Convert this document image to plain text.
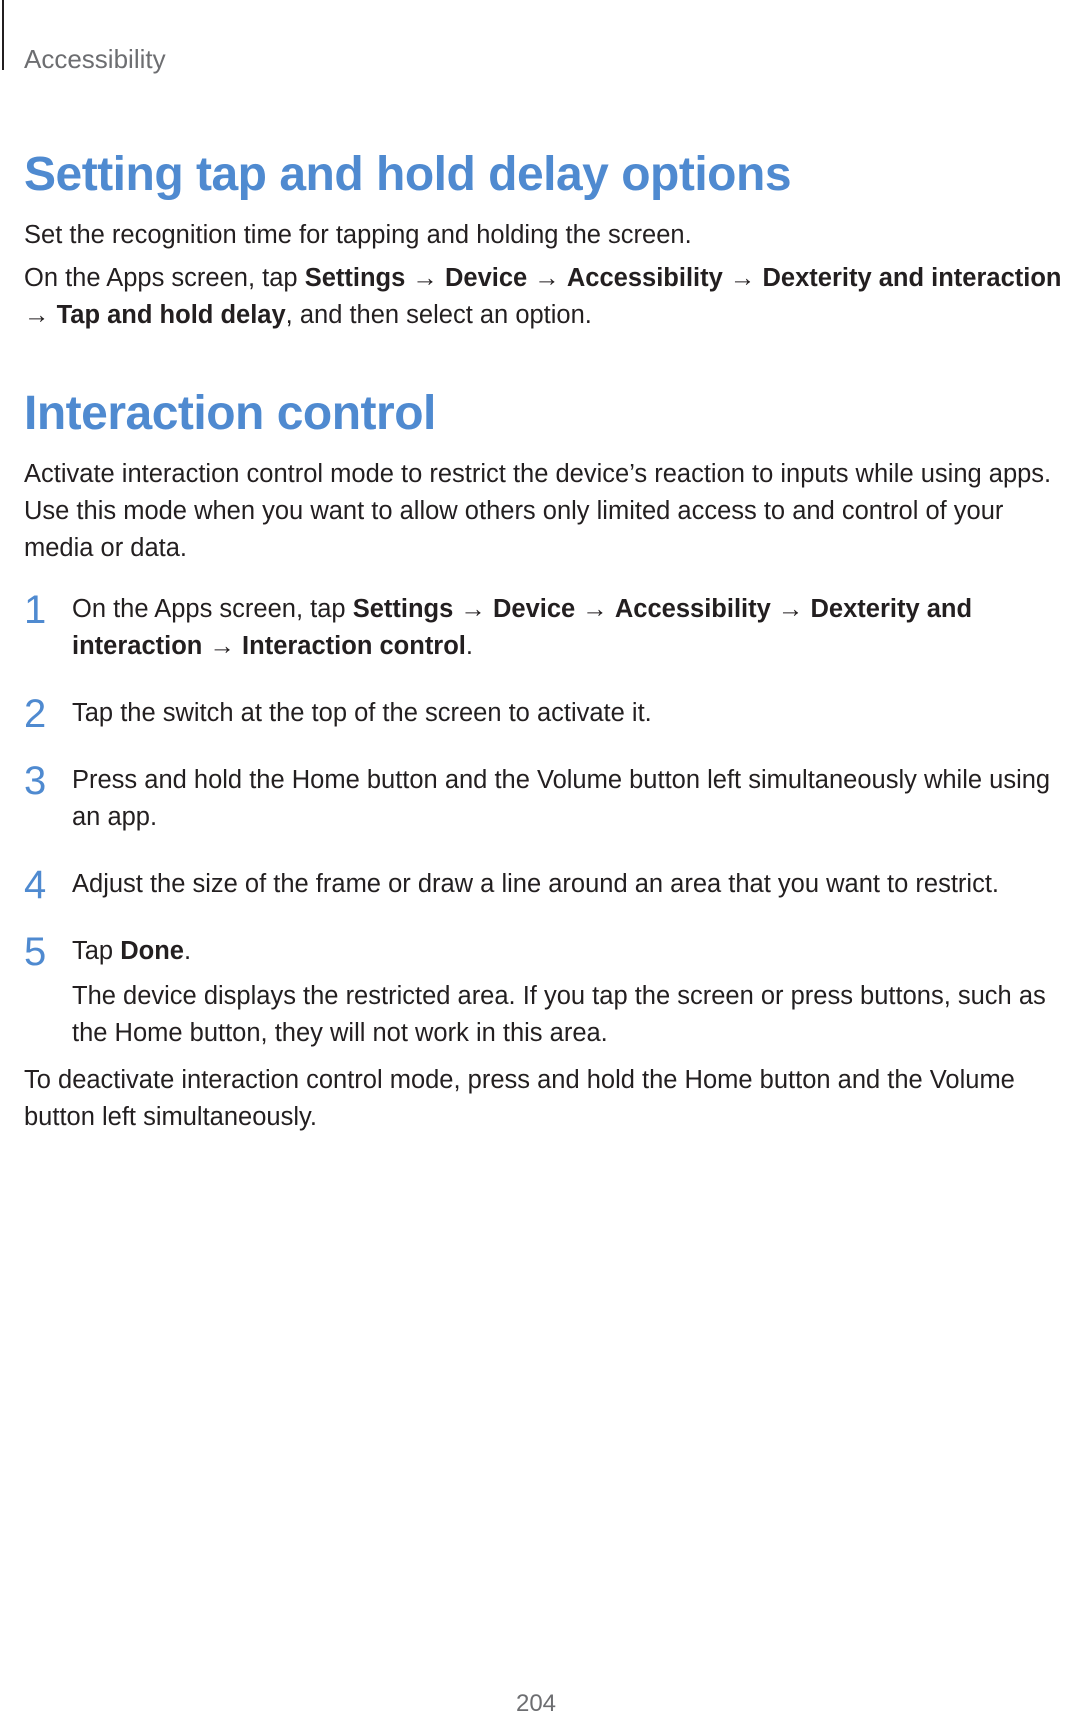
Accessibility
Setting tap and hold delay options

Set the recognition time for tapping and holding the screen.

On the Apps screen, tap Settings → Device → Accessibility → Dexterity and interaction → Tap and hold delay, and then select an option.

Interaction control

Activate interaction control mode to restrict the device’s reaction to inputs while using apps. Use this mode when you want to allow others only limited access to and control of your media or data.

1 On the Apps screen, tap Settings → Device → Accessibility → Dexterity and interaction → Interaction control.

2 Tap the switch at the top of the screen to activate it.

3 Press and hold the Home button and the Volume button left simultaneously while using an app.

4 Adjust the size of the frame or draw a line around an area that you want to restrict.

5 Tap Done.

The device displays the restricted area. If you tap the screen or press buttons, such as the Home button, they will not work in this area.

To deactivate interaction control mode, press and hold the Home button and the Volume button left simultaneously.

204
